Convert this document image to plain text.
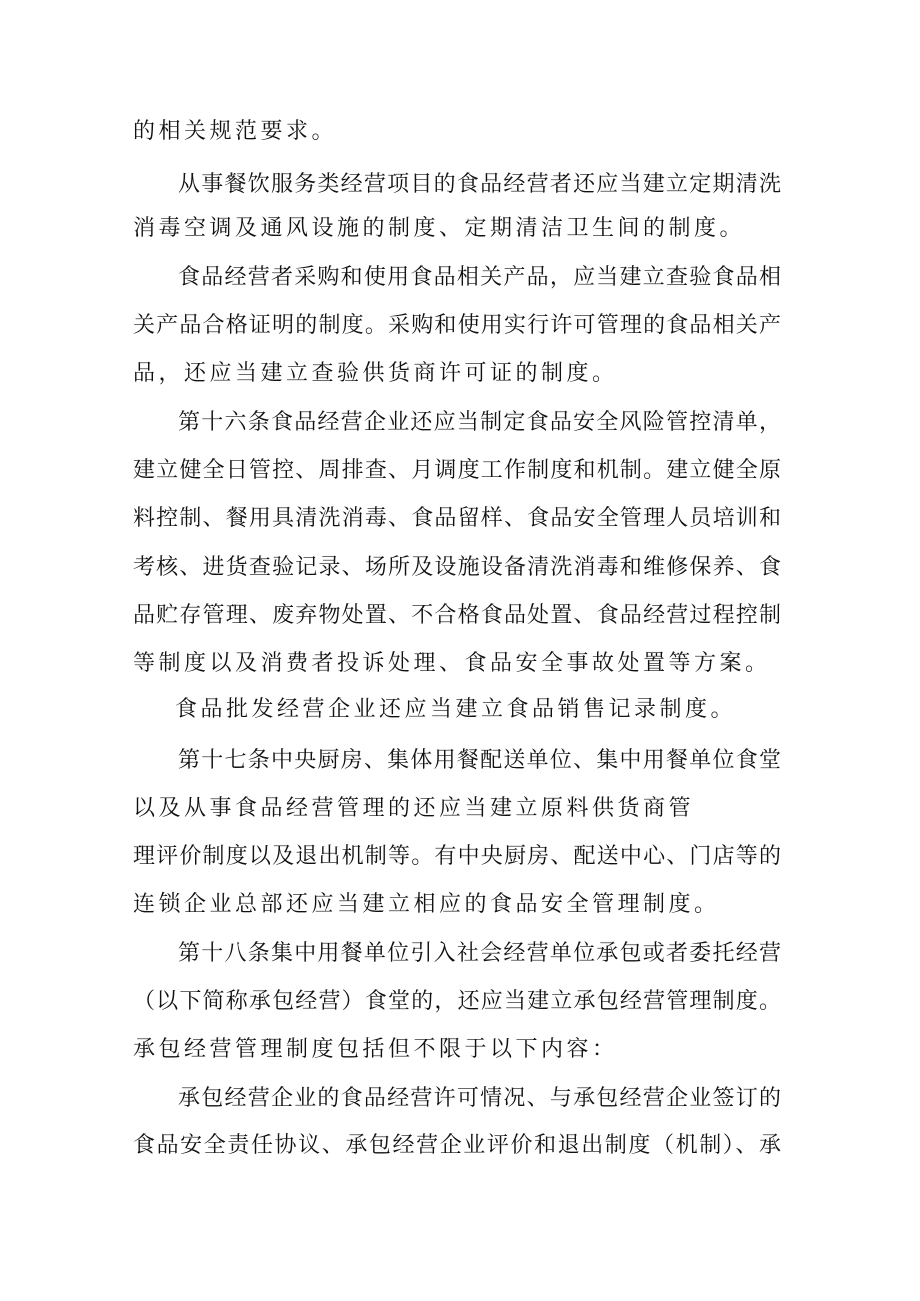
的相关规范要求。
从事餐饮服务类经营项目的食品经营者还应当建立定期清洗
消毒空调及通风设施的制度、定期清洁卫生间的制度。
食品经营者采购和使用食品相关产品，应当建立查验食品相
关产品合格证明的制度。采购和使用实行许可管理的食品相关产
品，还应当建立查验供货商许可证的制度。
第十六条食品经营企业还应当制定食品安全风险管控清单，
建立健全日管控、周排查、月调度工作制度和机制。建立健全原
料控制、餐用具清洗消毒、食品留样、食品安全管理人员培训和
考核、进货查验记录、场所及设施设备清洗消毒和维修保养、食
品贮存管理、废弃物处置、不合格食品处置、食品经营过程控制
等制度以及消费者投诉处理、食品安全事故处置等方案。
食品批发经营企业还应当建立食品销售记录制度。
第十七条中央厨房、集体用餐配送单位、集中用餐单位食堂
以及从事食品经营管理的还应当建立原料供货商管
理评价制度以及退出机制等。有中央厨房、配送中心、门店等的
连锁企业总部还应当建立相应的食品安全管理制度。
第十八条集中用餐单位引入社会经营单位承包或者委托经营
（以下简称承包经营）食堂的，还应当建立承包经营管理制度。
承包经营管理制度包括但不限于以下内容：
承包经营企业的食品经营许可情况、与承包经营企业签订的
食品安全责任协议、承包经营企业评价和退出制度（机制）、承
